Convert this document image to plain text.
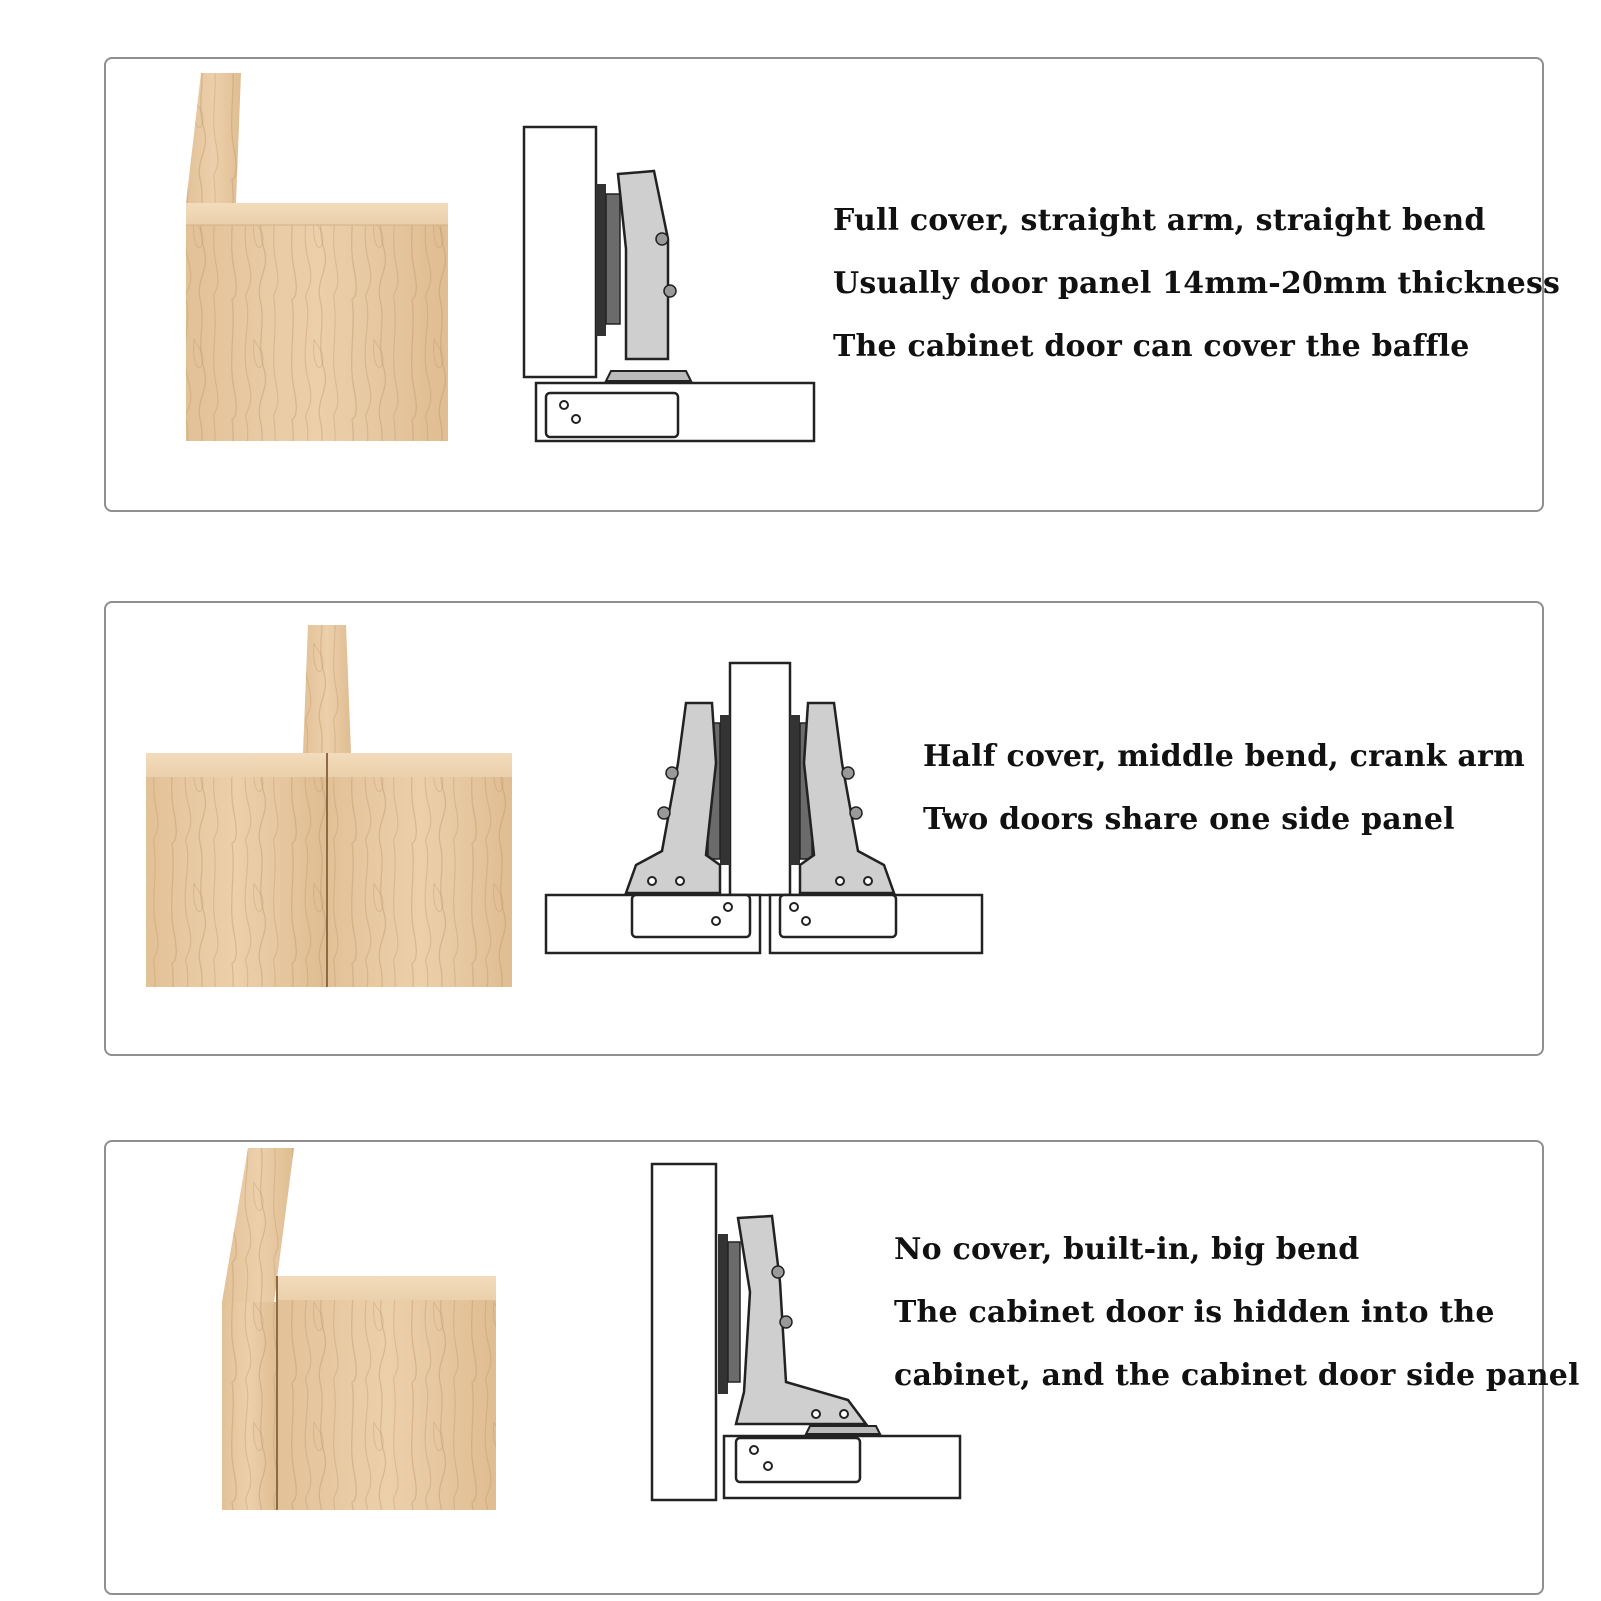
Full cover, straight arm, straight bend
Usually door panel 14mm-20mm thickness
The cabinet door can cover the baffle
Half cover, middle bend, crank arm
Two doors share one side panel
No cover, built-in, big bend
The cabinet door is hidden into the
cabinet, and the cabinet door side panel
